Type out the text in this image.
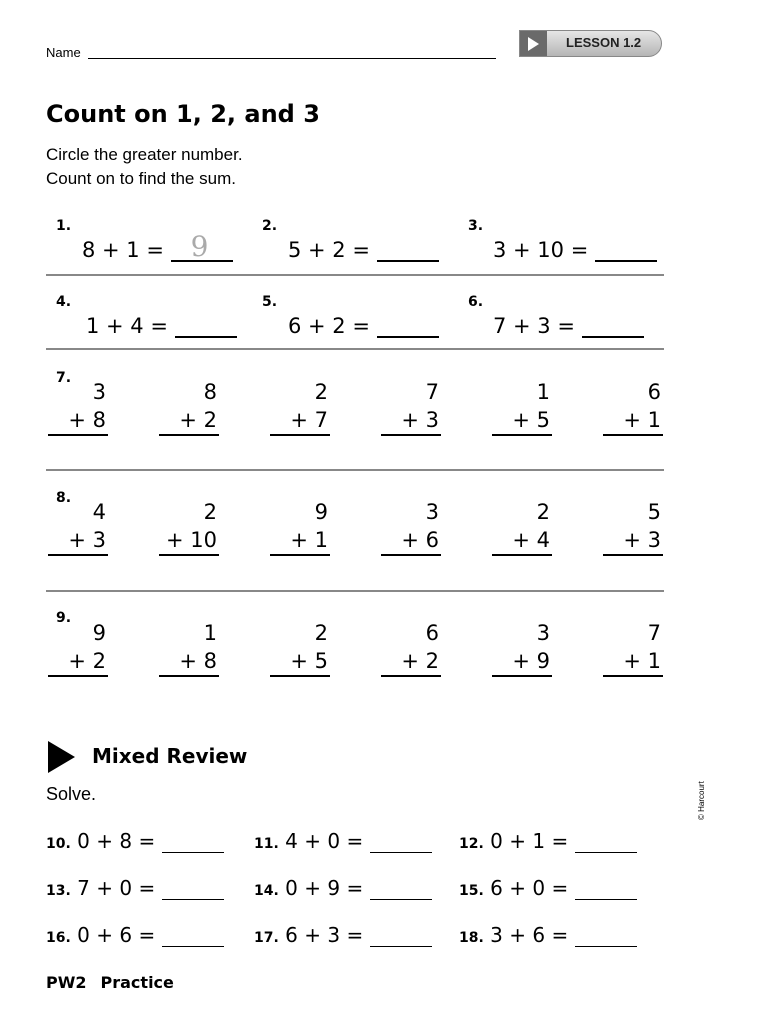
Name
LESSON 1.2
Count on 1, 2, and 3
Circle the greater number.
Count on to find the sum.
1.
8 + 1 = 9
2.
5 + 2 =
3.
3 + 10 =
4.
1 + 4 =
5.
6 + 2 =
6.
7 + 3 =
7.
3
+ 8
8
+ 2
2
+ 7
7
+ 3
1
+ 5
6
+ 1
8.
4
+ 3
2
+ 10
9
+ 1
3
+ 6
2
+ 4
5
+ 3
9.
9
+ 2
1
+ 8
2
+ 5
6
+ 2
3
+ 9
7
+ 1
Mixed Review
Solve.
10. 0 + 8 =	11. 4 + 0 =	12. 0 + 1 =
13. 7 + 0 =	14. 0 + 9 =	15. 6 + 0 =
16. 0 + 6 =	17. 6 + 3 =	18. 3 + 6 =
© Harcourt
PW2 Practice
